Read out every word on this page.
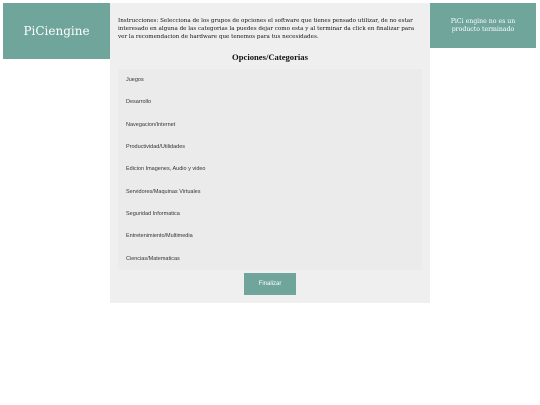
PiCiengine

Instrucciones: Selecciona de los grupos de opciones el software que tienes pensado utilizar, de no estar interesado en alguna de las categorias la puedes dejar como esta y al terminar da click en finalizar para ver la recomendacion de hardware que tenemos para tus necesidades.

Opciones/Categorias
Juegos
Desarrollo
Navegacion/Internet
Productividad/Utilidades
Edicion Imagenes, Audio y video
Servidores/Maquinas Virtuales
Seguridad Informatica
Entretenimiento/Multimedia
Ciencias/Matematicas
Finalizar
PiCi engine no es un producto terminado
